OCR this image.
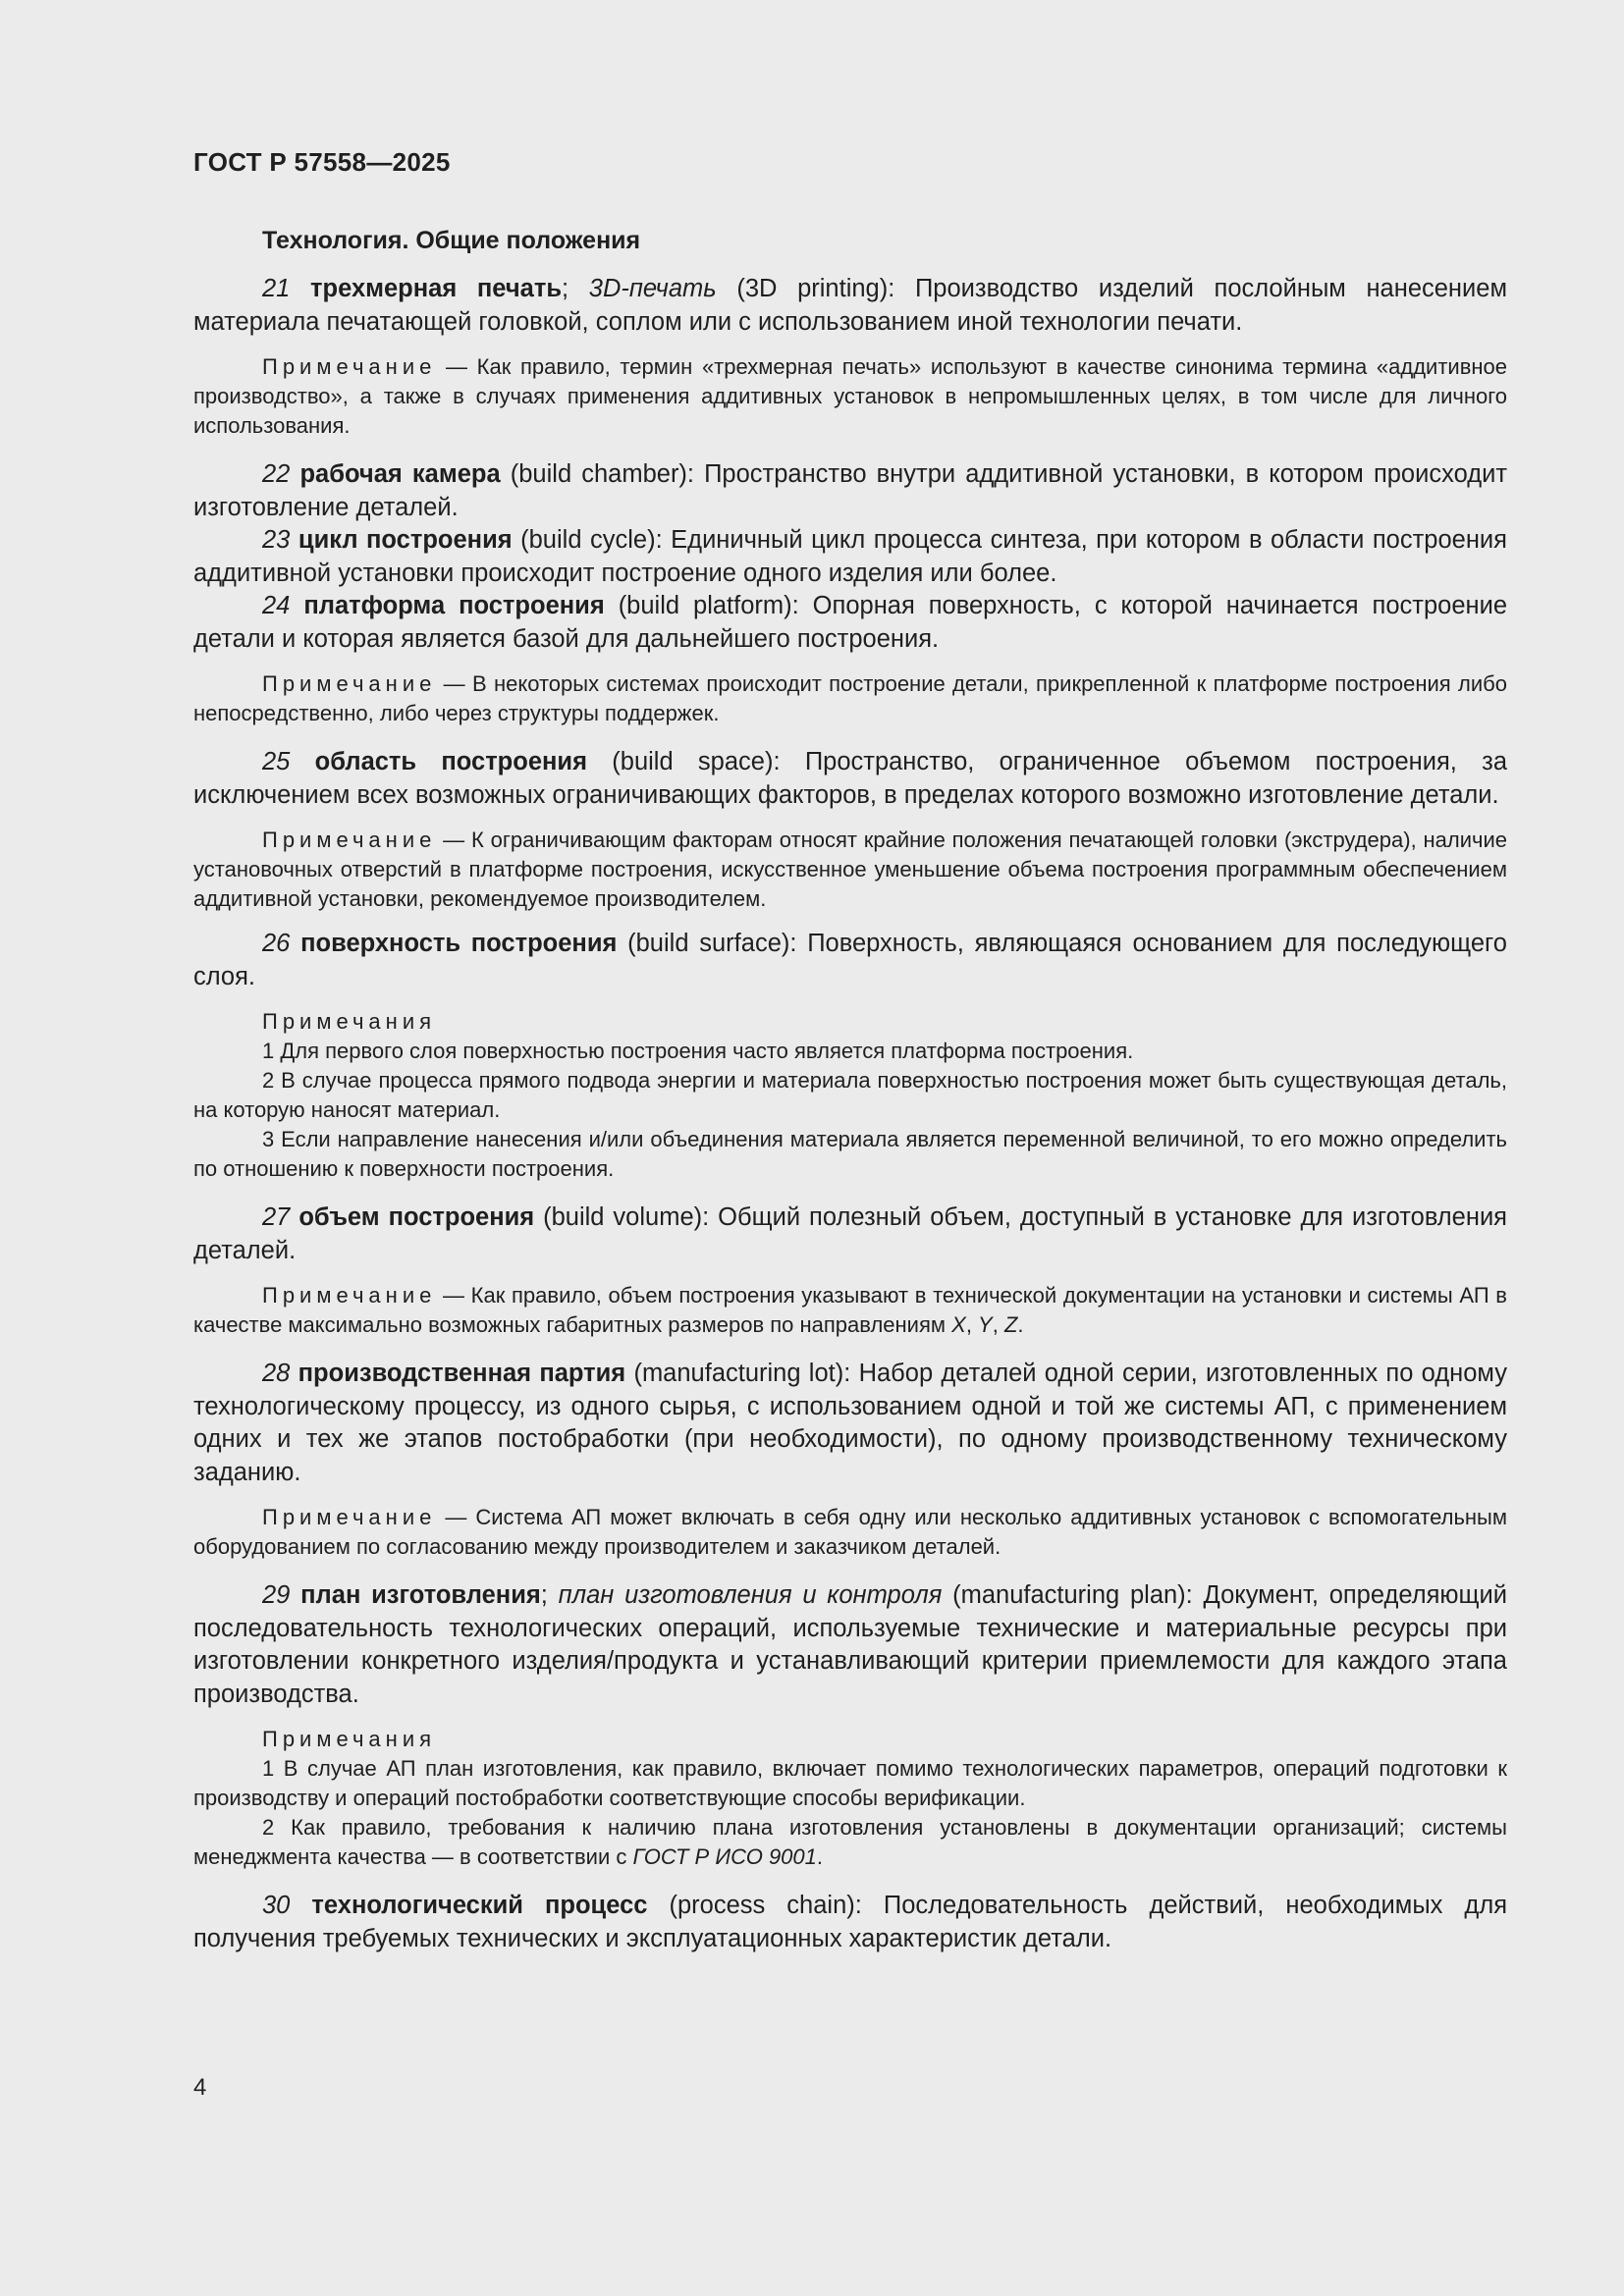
ГОСТ Р 57558—2025
Технология. Общие положения

21 трехмерная печать; 3D-печать (3D printing): Производство изделий послойным нанесением материала печатающей головкой, соплом или с использованием иной технологии печати.

Примечание — Как правило, термин «трехмерная печать» используют в качестве синонима термина «аддитивное производство», а также в случаях применения аддитивных установок в непромышленных целях, в том числе для личного использования.

22 рабочая камера (build chamber): Пространство внутри аддитивной установки, в котором происходит изготовление деталей.

23 цикл построения (build cycle): Единичный цикл процесса синтеза, при котором в области построения аддитивной установки происходит построение одного изделия или более.

24 платформа построения (build platform): Опорная поверхность, с которой начинается построение детали и которая является базой для дальнейшего построения.

Примечание — В некоторых системах происходит построение детали, прикрепленной к платформе построения либо непосредственно, либо через структуры поддержек.

25 область построения (build space): Пространство, ограниченное объемом построения, за исключением всех возможных ограничивающих факторов, в пределах которого возможно изготовление детали.

Примечание — К ограничивающим факторам относят крайние положения печатающей головки (экструдера), наличие установочных отверстий в платформе построения, искусственное уменьшение объема построения программным обеспечением аддитивной установки, рекомендуемое производителем.

26 поверхность построения (build surface): Поверхность, являющаяся основанием для последующего слоя.

Примечания
1 Для первого слоя поверхностью построения часто является платформа построения.
2 В случае процесса прямого подвода энергии и материала поверхностью построения может быть существующая деталь, на которую наносят материал.
3 Если направление нанесения и/или объединения материала является переменной величиной, то его можно определить по отношению к поверхности построения.

27 объем построения (build volume): Общий полезный объем, доступный в установке для изготовления деталей.

Примечание — Как правило, объем построения указывают в технической документации на установки и системы АП в качестве максимально возможных габаритных размеров по направлениям X, Y, Z.

28 производственная партия (manufacturing lot): Набор деталей одной серии, изготовленных по одному технологическому процессу, из одного сырья, с использованием одной и той же системы АП, с применением одних и тех же этапов постобработки (при необходимости), по одному производственному техническому заданию.

Примечание — Система АП может включать в себя одну или несколько аддитивных установок с вспомогательным оборудованием по согласованию между производителем и заказчиком деталей.

29 план изготовления; план изготовления и контроля (manufacturing plan): Документ, определяющий последовательность технологических операций, используемые технические и материальные ресурсы при изготовлении конкретного изделия/продукта и устанавливающий критерии приемлемости для каждого этапа производства.

Примечания
1 В случае АП план изготовления, как правило, включает помимо технологических параметров, операций подготовки к производству и операций постобработки соответствующие способы верификации.
2 Как правило, требования к наличию плана изготовления установлены в документации организаций; системы менеджмента качества — в соответствии с ГОСТ Р ИСО 9001.

30 технологический процесс (process chain): Последовательность действий, необходимых для получения требуемых технических и эксплуатационных характеристик детали.

4
